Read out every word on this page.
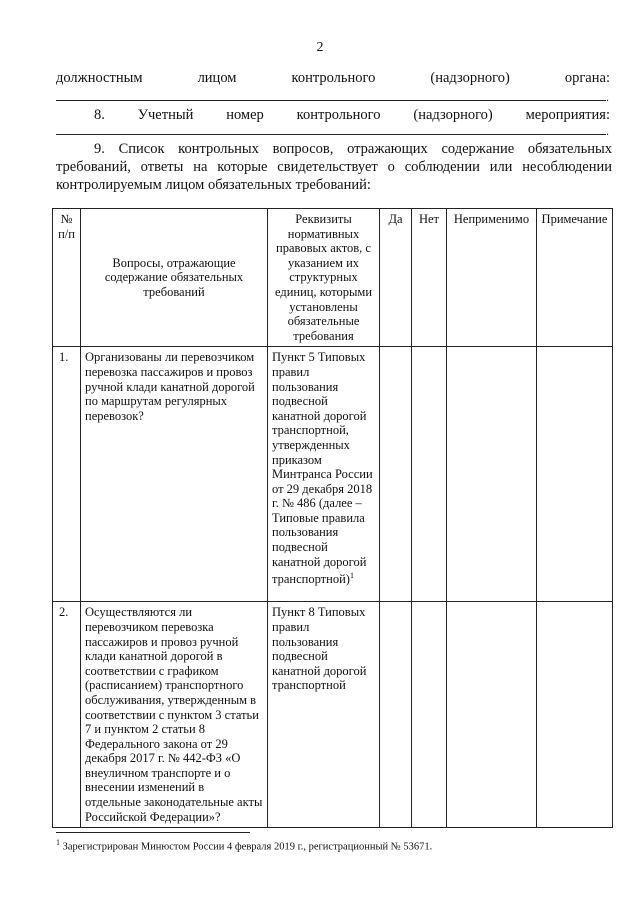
2
должностным	лицом	контрольного	(надзорного)	органа:
.
8. Учетный номер контрольного (надзорного) мероприятия:
.
9. Список контрольных вопросов, отражающих содержание обязательных требований, ответы на которые свидетельствует о соблюдении или несоблюдении контролируемым лицом обязательных требований:
№ п/п	Вопросы, отражающие содержание обязательных требований	Реквизиты нормативных правовых актов, с указанием их структурных единиц, которыми установлены обязательные требования	Да	Нет	Неприменимо	Примечание
1.	Организованы ли перевозчиком перевозка пассажиров и провоз ручной клади канатной дорогой по маршрутам регулярных перевозок?	Пункт 5 Типовых правил пользования подвесной канатной дорогой транспортной, утвержденных приказом Минтранса России от 29 декабря 2018 г. № 486 (далее – Типовые правила пользования подвесной канатной дорогой транспортной)$^1$				
2.	Осуществляются ли перевозчиком перевозка пассажиров и провоз ручной клади канатной дорогой в соответствии с графиком (расписанием) транспортного обслуживания, утвержденным в соответствии с пунктом 3 статьи 7 и пунктом 2 статьи 8 Федерального закона от 29 декабря 2017 г. № 442-ФЗ «О внеуличном транспорте и о внесении изменений в отдельные законодательные акты Российской Федерации»?	Пункт 8 Типовых правил пользования подвесной канатной дорогой транспортной				
$^1$ Зарегистрирован Минюстом России 4 февраля 2019 г., регистрационный № 53671.
